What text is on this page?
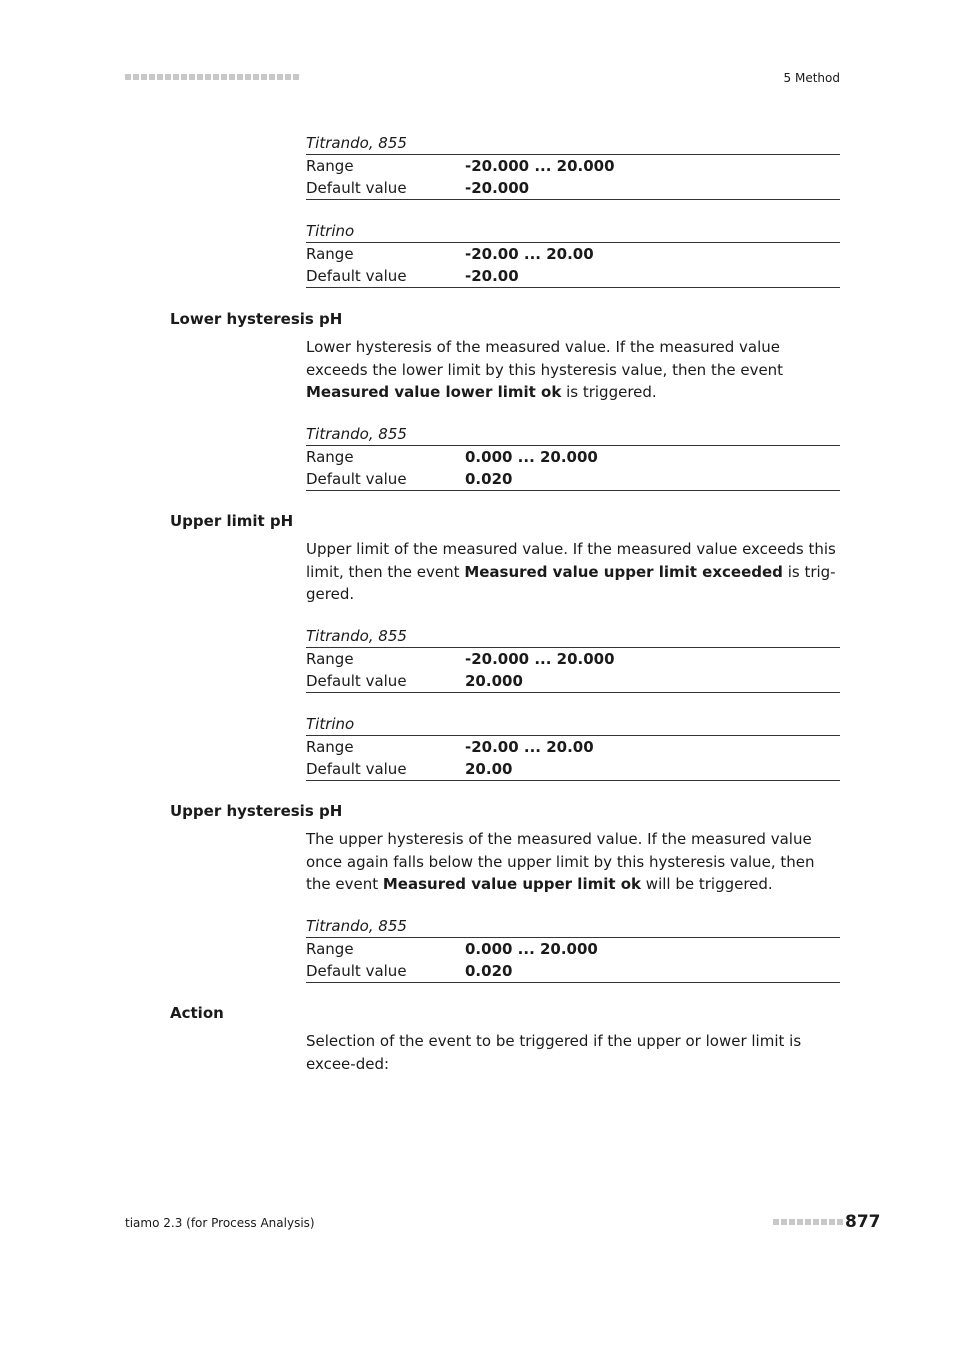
5 Method
Titrando, 855
Range	-20.000 ... 20.000
Default value	-20.000
Titrino
Range	-20.00 ... 20.00
Default value	-20.00
Lower hysteresis pH
Lower hysteresis of the measured value. If the measured value exceeds the lower limit by this hysteresis value, then the event Measured value lower limit ok is triggered.
Titrando, 855
Range	0.000 ... 20.000
Default value	0.020
Upper limit pH
Upper limit of the measured value. If the measured value exceeds this limit, then the event Measured value upper limit exceeded is trig-gered.
Titrando, 855
Range	-20.000 ... 20.000
Default value	20.000
Titrino
Range	-20.00 ... 20.00
Default value	20.00
Upper hysteresis pH
The upper hysteresis of the measured value. If the measured value once again falls below the upper limit by this hysteresis value, then the event Measured value upper limit ok will be triggered.
Titrando, 855
Range	0.000 ... 20.000
Default value	0.020
Action
Selection of the event to be triggered if the upper or lower limit is excee-ded:
tiamo 2.3 (for Process Analysis)	877
